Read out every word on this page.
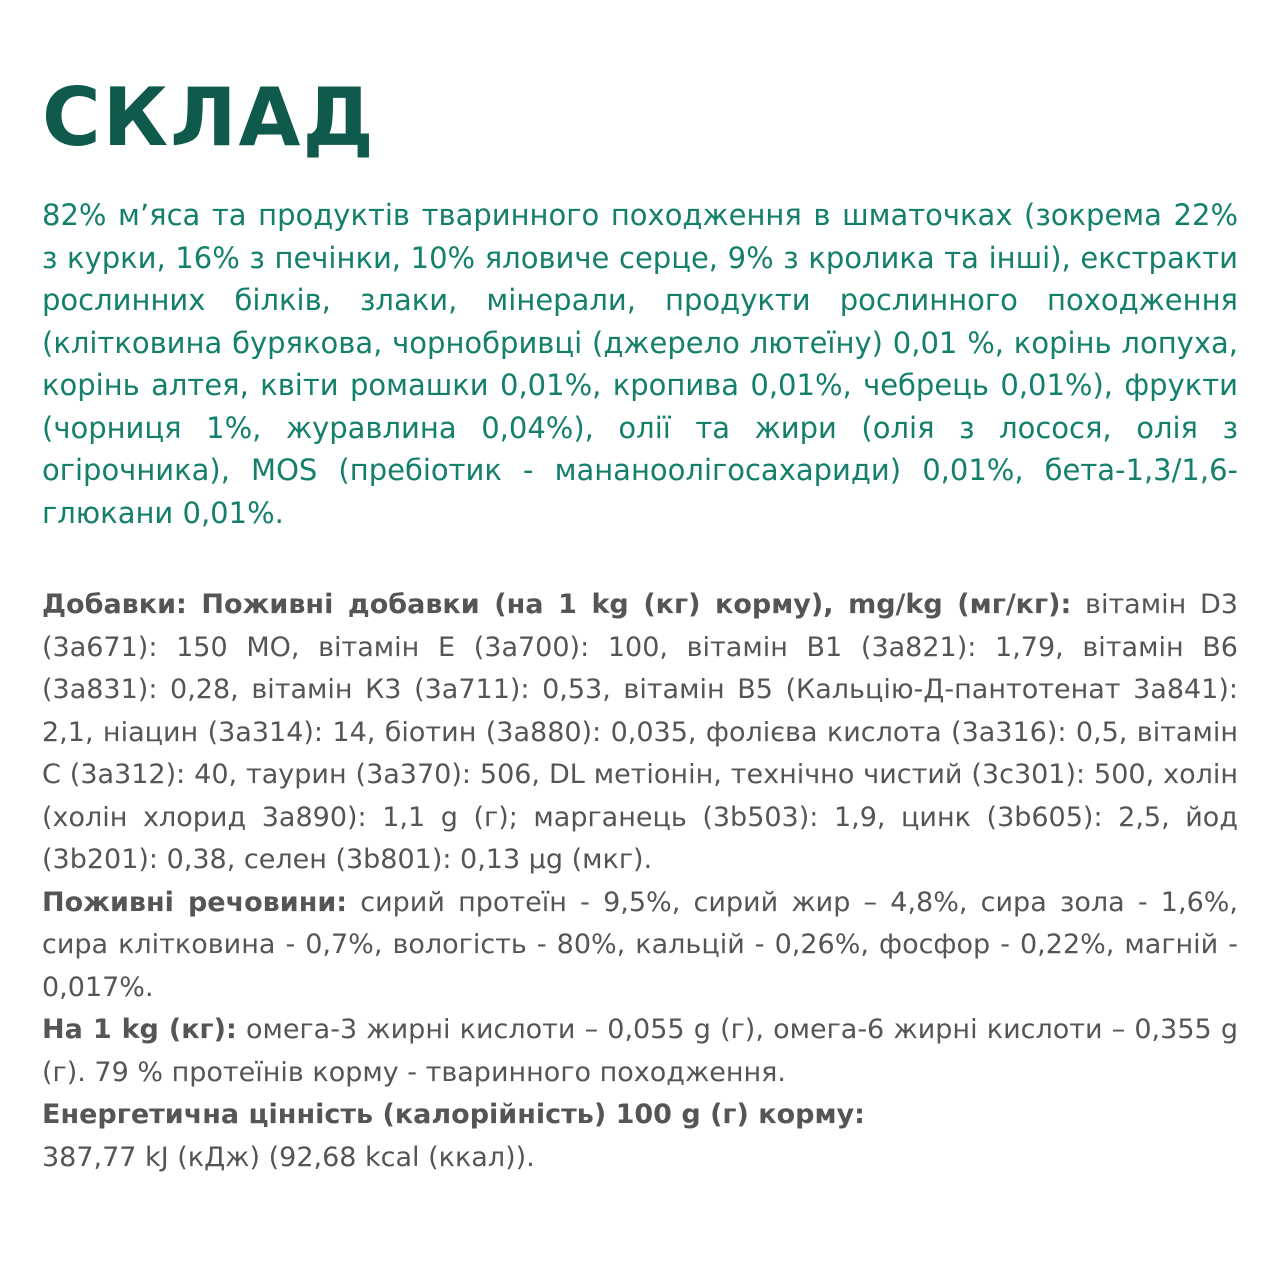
СКЛАД

82% м’яса та продуктів тваринного походження в шматочках (зокрема 22% з курки, 16% з печінки, 10% яловиче серце, 9% з кролика та інші), екстракти рослинних білків, злаки, мінерали, продукти рослинного походження (клітковина бурякова, чорнобривці (джерело лютеїну) 0,01 %, корінь лопуха, корінь алтея, квіти ромашки 0,01%, кропива 0,01%, чебрець 0,01%), фрукти (чорниця 1%, журавлина 0,04%), олії та жири (олія з лосося, олія з огірочника), MOS (пребіотик - мананоолігосахариди) 0,01%, бета-1,3/1,6-глюкани 0,01%.

Добавки: Поживні добавки (на 1 kg (кг) корму), mg/kg (мг/кг): вітамін D3 (3a671): 150 МО, вітамін Е (3a700): 100, вітамін В1 (3a821): 1,79, вітамін В6 (3a831): 0,28, вітамін К3 (3a711): 0,53, вітамін В5 (Кальцію-Д-пантотенат 3a841): 2,1, ніацин (3a314): 14, біотин (3a880): 0,035, фолієва кислота (3a316): 0,5, вітамін С (3a312): 40, таурин (3a370): 506, DL метіонін, технічно чистий (3c301): 500, холін (холін хлорид 3a890): 1,1 g (г); марганець (3b503): 1,9, цинк (3b605): 2,5, йод (3b201): 0,38, селен (3b801): 0,13 µg (мкг).

Поживні речовини: сирий протеїн - 9,5%, сирий жир – 4,8%, сира зола - 1,6%, сира клітковина - 0,7%, вологість - 80%, кальцій - 0,26%, фосфор - 0,22%, магній - 0,017%.

На 1 kg (кг): омега-3 жирні кислоти – 0,055 g (г), омега-6 жирні кислоти – 0,355 g (г). 79 % протеїнів корму - тваринного походження.

Енергетична цінність (калорійність) 100 g (г) корму:
387,77 kJ (кДж) (92,68 kcal (ккал)).
